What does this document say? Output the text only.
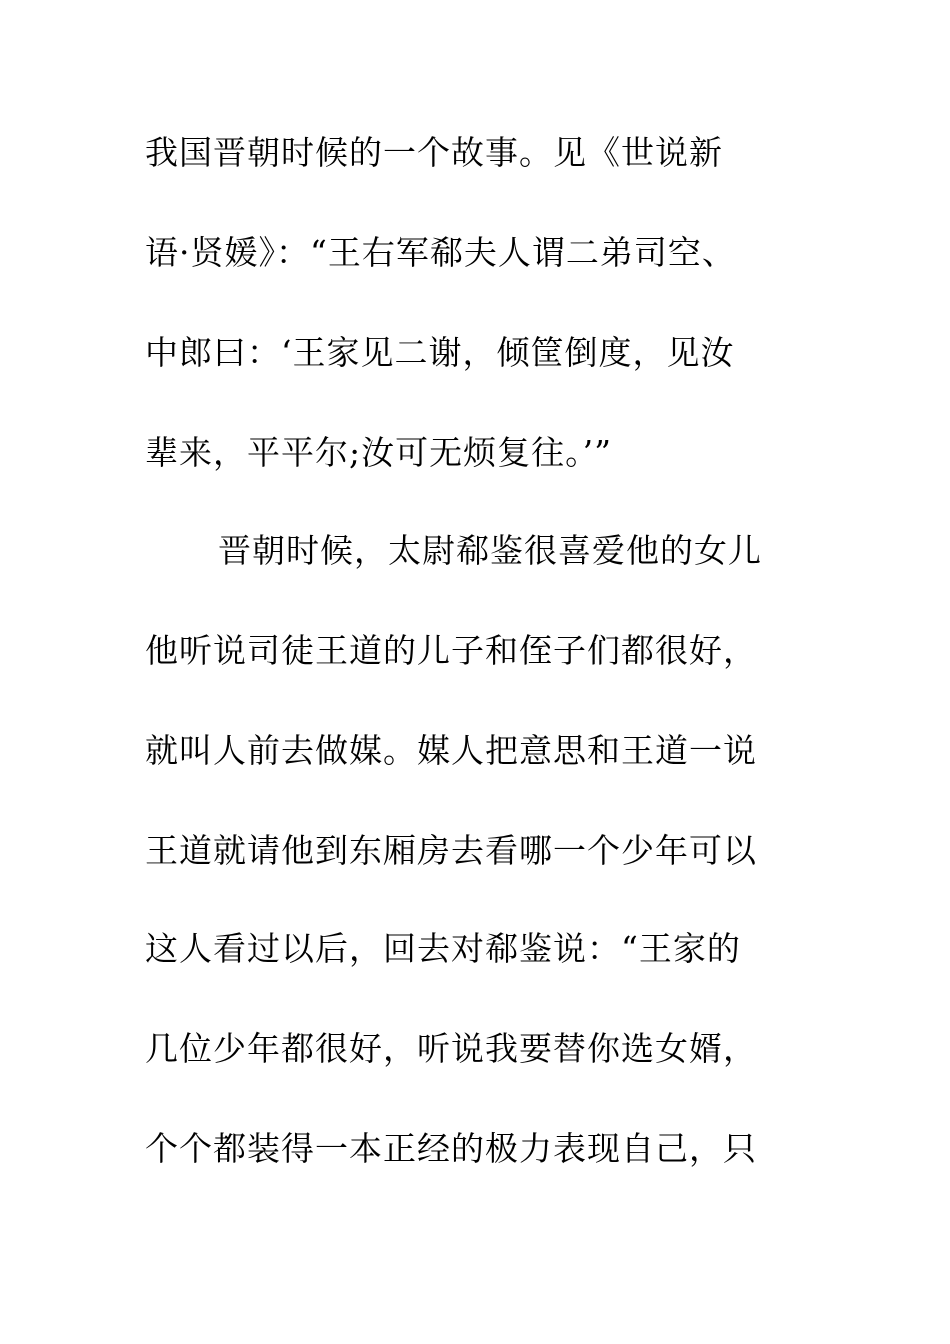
我国晋朝时候的一个故事。见《世说新
语·贤媛》：“王右军郗夫人谓二弟司空、
中郎曰：‘王家见二谢，倾筐倒度，见汝
辈来，平平尔;汝可无烦复往。’”
晋朝时候，太尉郗鉴很喜爱他的女儿
他听说司徒王道的儿子和侄子们都很好，
就叫人前去做媒。媒人把意思和王道一说
王道就请他到东厢房去看哪一个少年可以
这人看过以后，回去对郗鉴说：“王家的
几位少年都很好，听说我要替你选女婿，
个个都装得一本正经的极力表现自己，只
